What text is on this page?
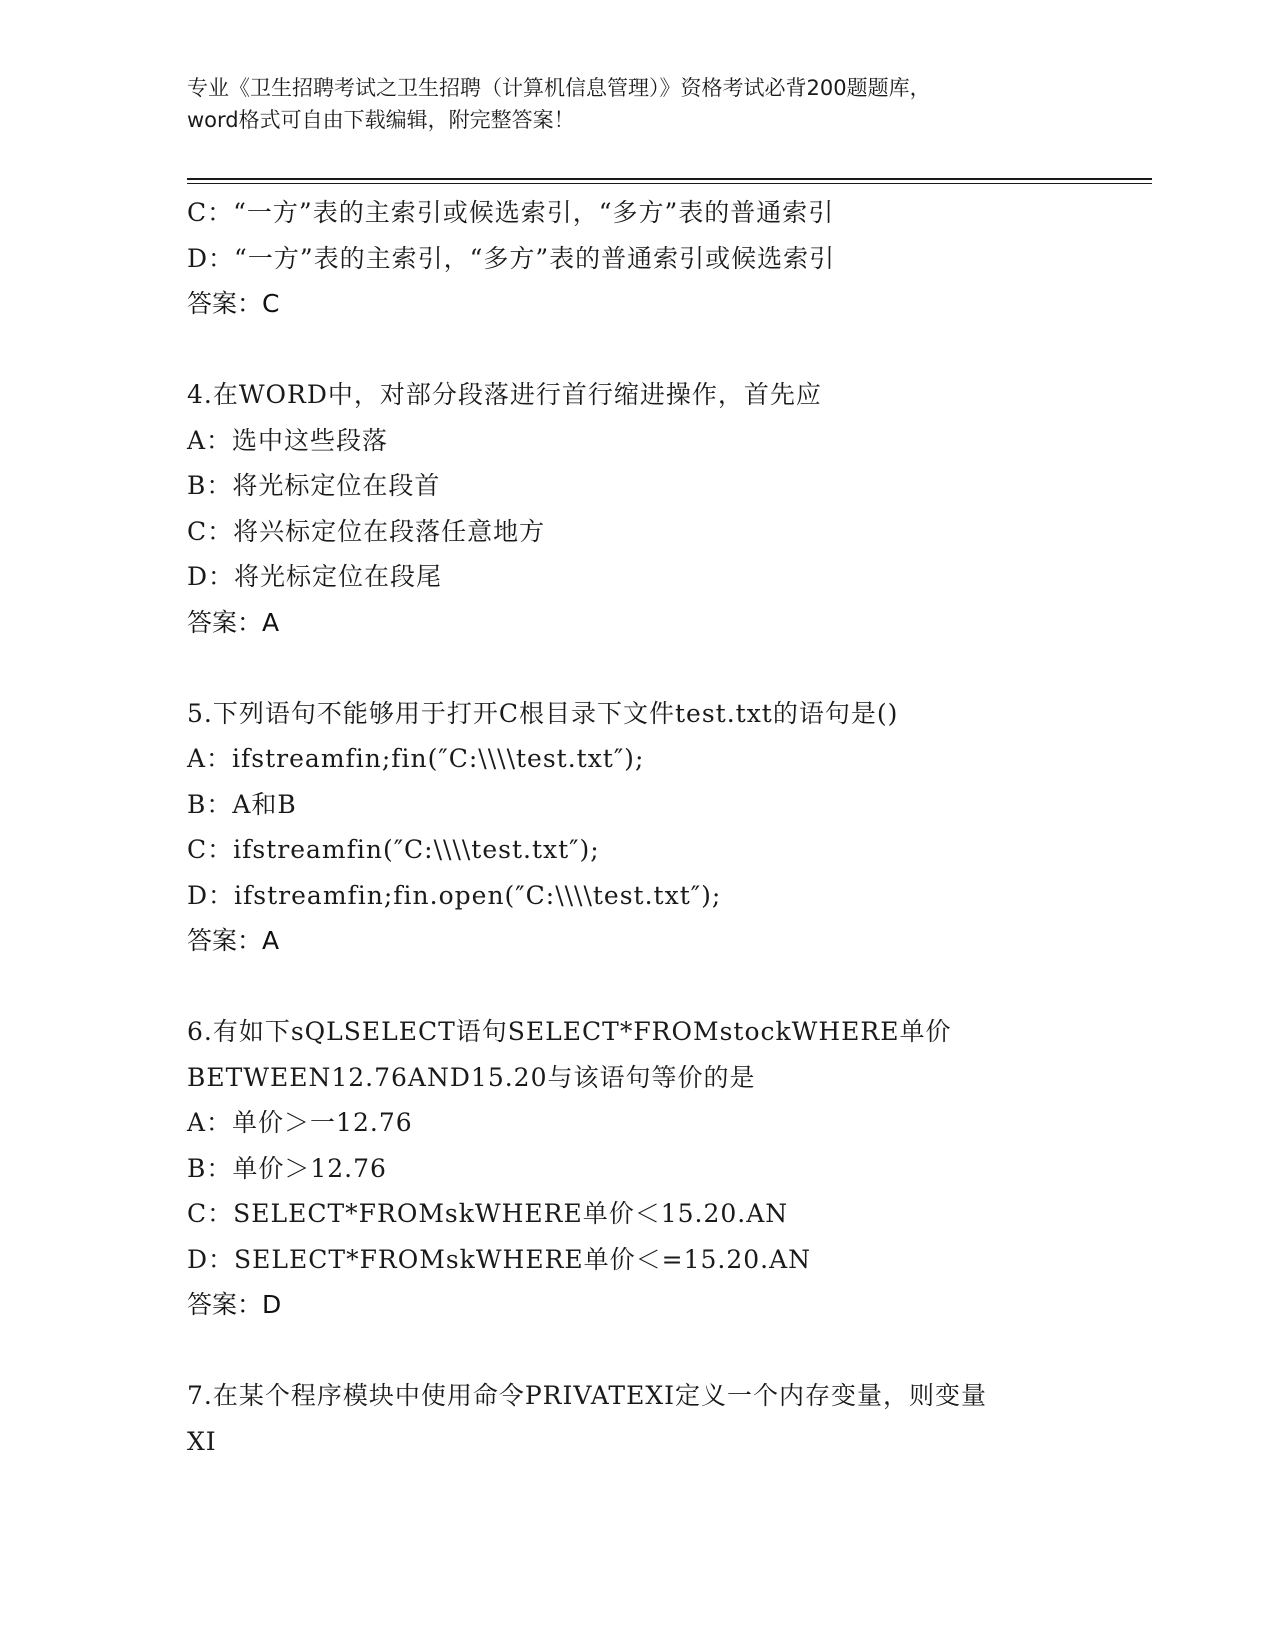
专业《卫生招聘考试之卫生招聘（计算机信息管理）》资格考试必背200题题库，
word格式可自由下载编辑，附完整答案！
C：“一方”表的主索引或候选索引，“多方”表的普通索引
D：“一方”表的主索引，“多方”表的普通索引或候选索引
答案：C
4.在WORD中，对部分段落进行首行缩进操作，首先应
A：选中这些段落
B：将光标定位在段首
C：将兴标定位在段落任意地方
D：将光标定位在段尾
答案：A
5.下列语句不能够用于打开C根目录下文件test.txt的语句是()
A：ifstreamfin;fin(″C:\\\\test.txt″);
B：A和B
C：ifstreamfin(″C:\\\\test.txt″);
D：ifstreamfin;fin.open(″C:\\\\test.txt″);
答案：A
6.有如下sQLSELECT语句SELECT*FROMstockWHERE单价
BETWEEN12.76AND15.20与该语句等价的是
A：单价＞一12.76
B：单价＞12.76
C：SELECT*FROMskWHERE单价＜15.20.AN
D：SELECT*FROMskWHERE单价＜=15.20.AN
答案：D
7.在某个程序模块中使用命令PRIVATEXI定义一个内存变量，则变量
XI
